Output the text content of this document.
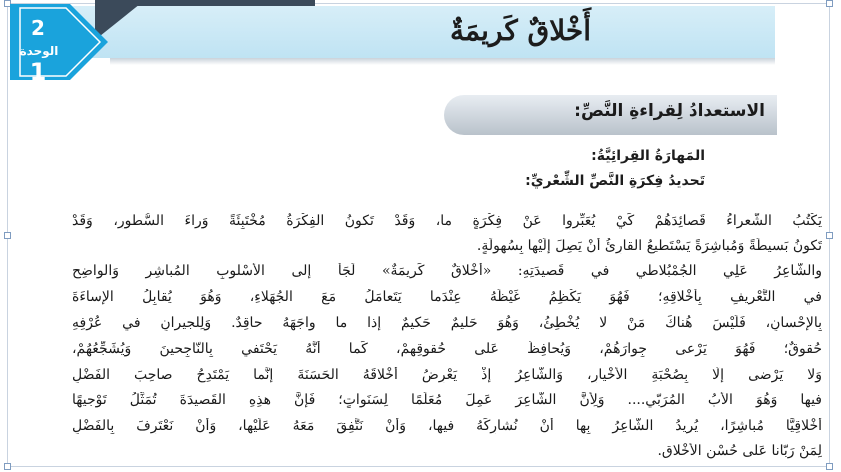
أَخْلاقٌ كَريمَةٌ
2
الوحدة
1
الاستعدادُ لِقراءةِ النَّصِّ:
المَهارَةُ القِرائِيَّةُ:
تَحديدُ فِكرَةِ النَّصِّ الشِّعْريِّ:
يَكْتُبُ الشُّعراءُ قَصائِدَهُمْ كَيْ يُعَبِّروا عَنْ فِكْرَةٍ ما، وَقَدْ تَكونُ الفِكْرَةُ مُخْتَبِئَةً وَراءَ السُّطورِ، وَقَدْ
تَكونُ بَسيطَةً وَمُباشِرَةً يَسْتَطيعُ القارِئُ أَنْ يَصِلَ إِلَيْها بِسُهولَةٍ.
والشّاعِرُ عَلِي الجُمْبُلاطي في قَصيدَتِهِ: «أَخْلاقٌ كَريمَةٌ» لَجَأَ إِلى الأُسْلوبِ المُباشِرِ وَالواضِحِ
في التَّعْريفِ بِأَخْلاقِهِ؛ فَهُوَ يَكْظِمُ غَيْظَهُ عِنْدَما يَتَعامَلُ مَعَ الجُهَلاءِ، وَهُوَ يُقابِلُ الإِساءَةَ
بِالإِحْسانِ، فَلَيْسَ هُناكَ مَنْ لا يُخْطِئُ، وَهُوَ حَليمٌ حَكيمٌ إِذا ما واجَهَهُ حاقِدٌ. وَلِلجيرانِ في عُرْفِهِ
حُقوقٌ؛ فَهُوَ يَرْعى جِوارَهُمْ، وَيُحافِظُ عَلى حُقوقِهِمْ، كَما أَنَّهُ يَحْتَفي بِالنّاجِحينَ وَيُشَجِّعُهُمْ،
وَلا يَرْضى إِلّا بِصُحْبَةِ الأَخْيارِ، وَالشّاعِرُ إِذْ يَعْرِضُ أَخْلاقَهُ الحَسَنَةَ إِنَّما يَمْتَدِحُ صاحِبَ الفَضْلِ
فيها وَهُوَ الأَبُ المُرَبّي.... وَلِأَنَّ الشّاعِرَ عَمِلَ مُعَلِّمًا لِسَنَواتٍ؛ فَإِنَّ هذِهِ القَصيدَةَ تُمَثِّلُ تَوْجيهًا
أَخْلاقِيًّا مُباشِرًا، يُريدُ الشّاعِرُ بِها أَنْ نُشارِكَهُ فيها، وَأَنْ نَتَّفِقَ مَعَهُ عَلَيْها، وَأَنْ نَعْتَرِفَ بِالفَضْلِ
لِمَنْ رَبّانا عَلى حُسْنِ الأَخْلاقِ.
